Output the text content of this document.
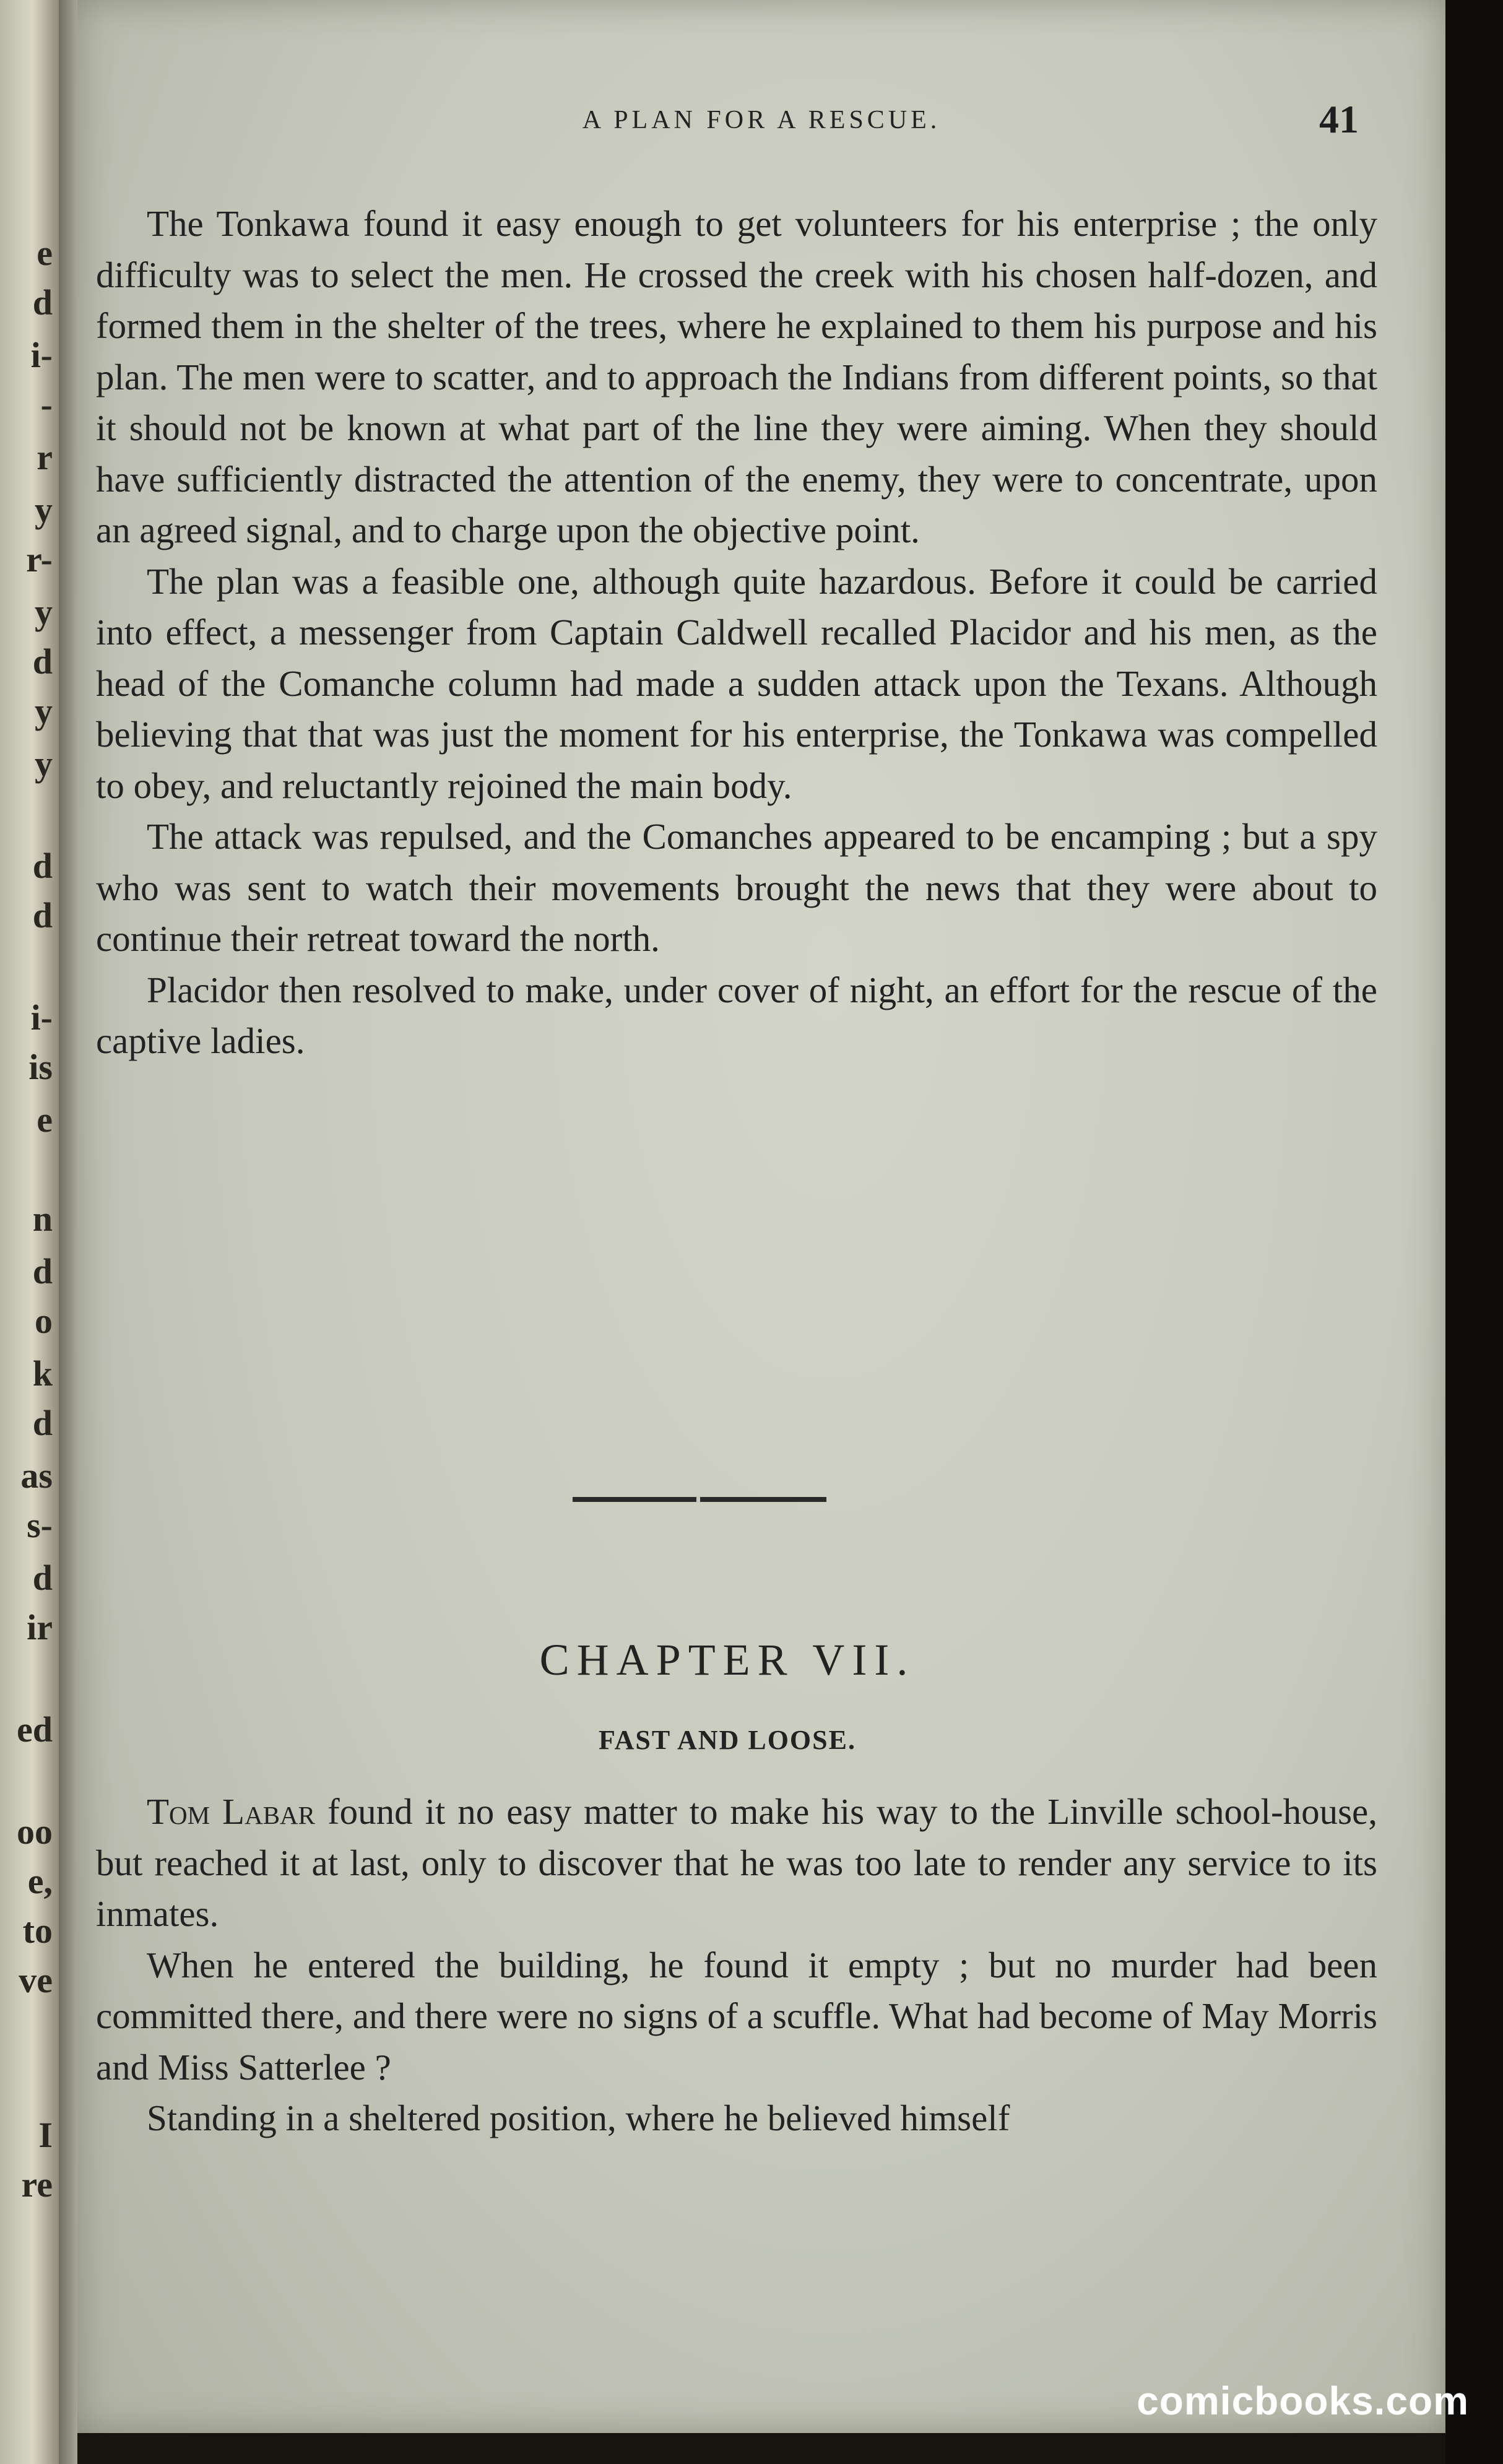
e
d
i-
-
r
y
r-
y
d
y
y
d
d
i-
is
e
n
d
o
k
d
as
s-
d
ir
ed
oo
e,
to
ve
I
re
A PLAN FOR A RESCUE.	41

The Tonkawa found it easy enough to get volunteers for his enterprise ; the only difficulty was to select the men. He crossed the creek with his chosen half-dozen, and formed them in the shelter of the trees, where he explained to them his purpose and his plan. The men were to scatter, and to approach the Indians from different points, so that it should not be known at what part of the line they were aiming. When they should have sufficiently distracted the attention of the enemy, they were to concentrate, upon an agreed signal, and to charge upon the objective point.

The plan was a feasible one, although quite hazardous. Before it could be carried into effect, a messenger from Captain Caldwell recalled Placidor and his men, as the head of the Comanche column had made a sudden attack upon the Texans. Although believing that that was just the moment for his enterprise, the Tonkawa was compelled to obey, and reluctantly rejoined the main body.

The attack was repulsed, and the Comanches appeared to be encamping ; but a spy who was sent to watch their movements brought the news that they were about to continue their retreat toward the north.

Placidor then resolved to make, under cover of night, an effort for the rescue of the captive ladies.

CHAPTER VII.
FAST AND LOOSE.

Tom Labar found it no easy matter to make his way to the Linville school-house, but reached it at last, only to discover that he was too late to render any service to its inmates.

When he entered the building, he found it empty ; but no murder had been committed there, and there were no signs of a scuffle. What had become of May Morris and Miss Satterlee ?

Standing in a sheltered position, where he believed himself

comicbooks.com
